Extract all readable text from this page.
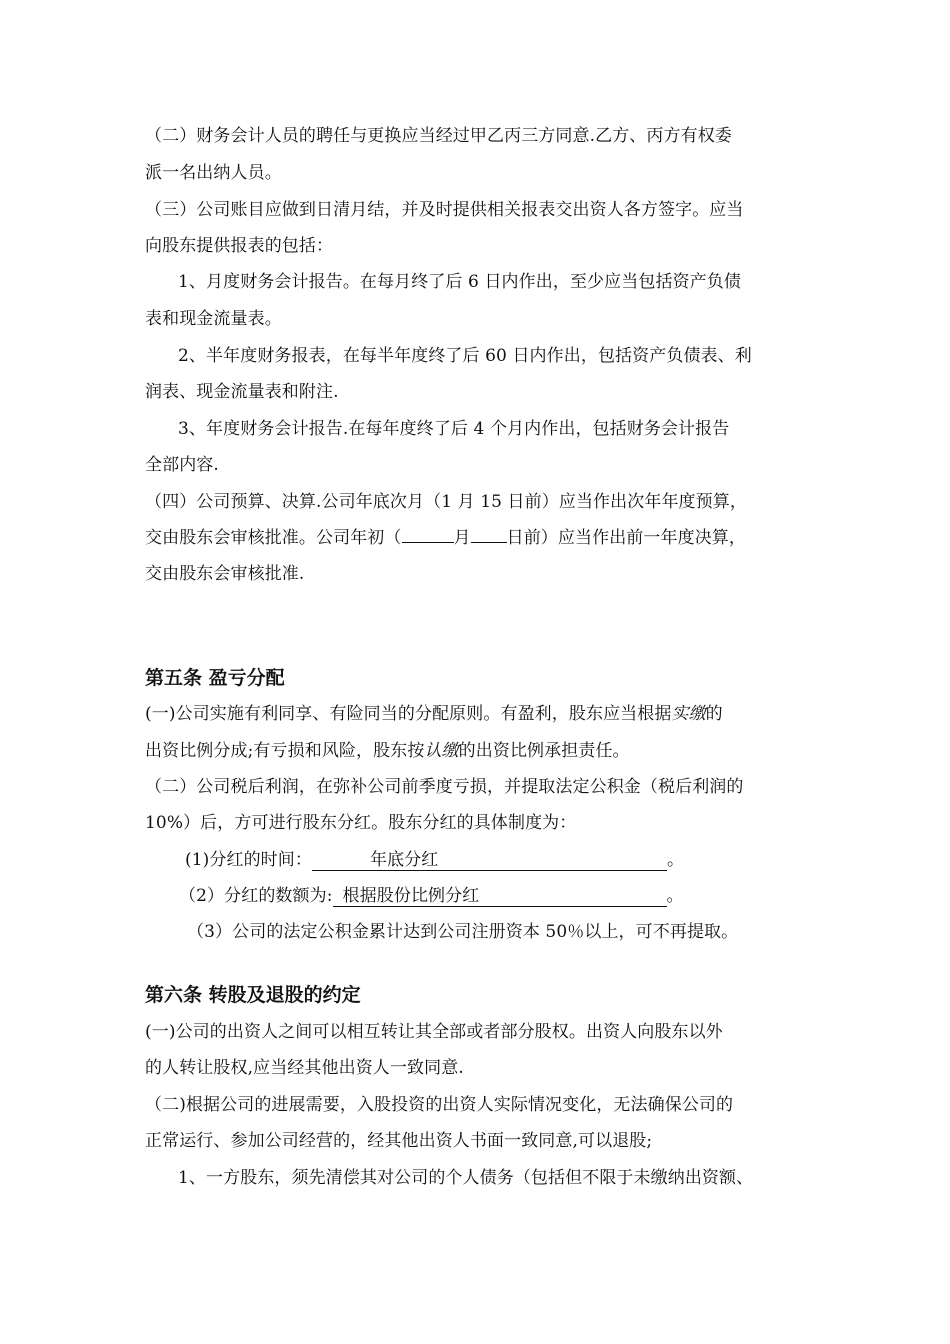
（二）财务会计人员的聘任与更换应当经过甲乙丙三方同意.乙方、丙方有权委
派一名出纳人员。
（三）公司账目应做到日清月结，并及时提供相关报表交出资人各方签字。应当
向股东提供报表的包括：
1、月度财务会计报告。在每月终了后 6 日内作出，至少应当包括资产负债
表和现金流量表。
2、半年度财务报表，在每半年度终了后 60 日内作出，包括资产负债表、利
润表、现金流量表和附注.
3、年度财务会计报告.在每年度终了后 4 个月内作出，包括财务会计报告
全部内容.
（四）公司预算、决算.公司年底次月（1 月 15 日前）应当作出次年年度预算，
交由股东会审核批准。公司年初（	月 日前）应当作出前一年度决算，
交由股东会审核批准.
第五条 盈亏分配
(一)公司实施有利同享、有险同当的分配原则。有盈利，股东应当根据实缴的
出资比例分成;有亏损和风险，股东按认缴的出资比例承担责任。
（二）公司税后利润，在弥补公司前季度亏损，并提取法定公积金（税后利润的
10%）后，方可进行股东分红。股东分红的具体制度为：
(1)分红的时间：	年底分红	。
（2）分红的数额为: 根据股份比例分红	。
（3）公司的法定公积金累计达到公司注册资本 50％以上，可不再提取。
第六条 转股及退股的约定
(一)公司的出资人之间可以相互转让其全部或者部分股权。出资人向股东以外
的人转让股权,应当经其他出资人一致同意.
（二)根据公司的进展需要，入股投资的出资人实际情况变化，无法确保公司的
正常运行、参加公司经营的，经其他出资人书面一致同意,可以退股;
1、一方股东，须先清偿其对公司的个人债务（包括但不限于未缴纳出资额、
